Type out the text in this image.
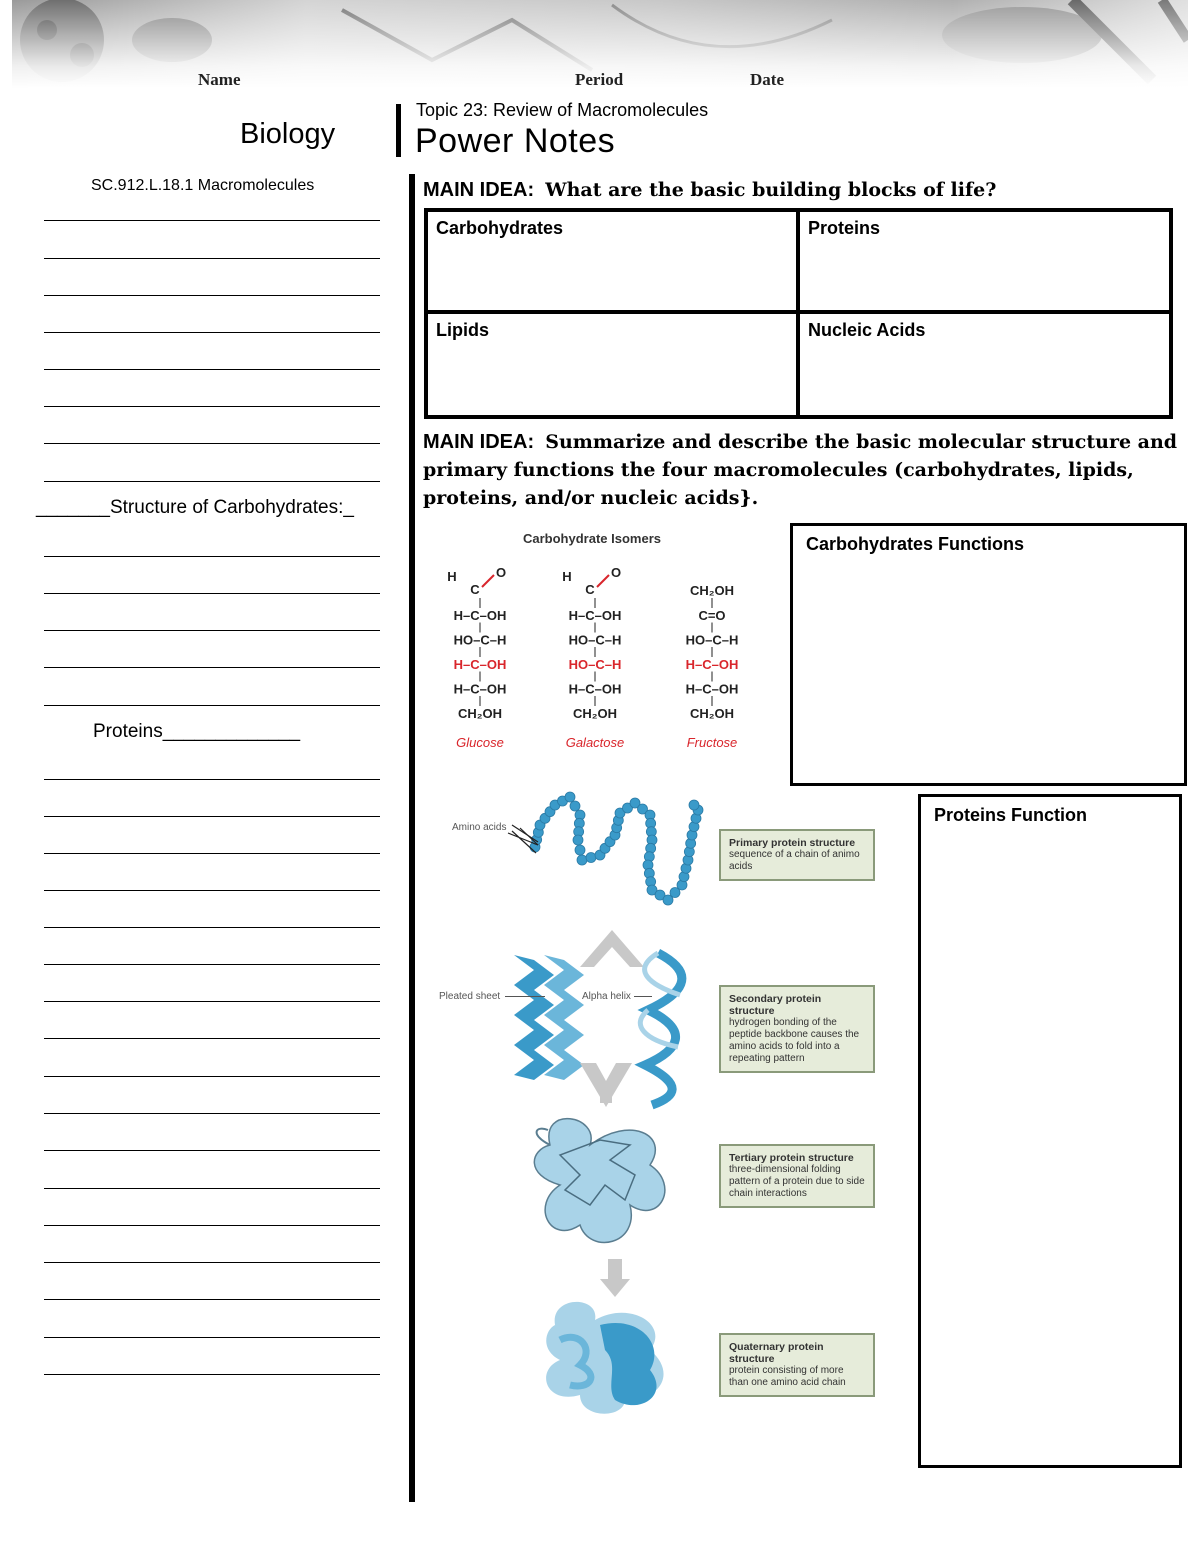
Name	Period	Date
Biology
Topic 23: Review of Macromolecules
Power Notes
SC.912.L.18.1 Macromolecules
_______Structure of Carbohydrates:_
Proteins_____________
MAIN IDEA: What are the basic building blocks of life?
Carbohydrates	Proteins
Lipids	Nucleic Acids
MAIN IDEA: Summarize and describe the basic molecular structure and primary functions the four macromolecules (carbohydrates, lipids, proteins, and/or nucleic acids}.
Carbohydrate Isomers
H
C
O
H–C–OH
HO–C–H
H–C–OH
H–C–OH
CH₂OH
Glucose
H
C
O
H–C–OH
HO–C–H
HO–C–H
H–C–OH
CH₂OH
Galactose
CH₂OH
C=O
HO–C–H
H–C–OH
H–C–OH
CH₂OH
Fructose
Carbohydrates Functions
Amino acids
Pleated sheet	Alpha helix
Primary protein structure
sequence of a chain of animo acids
Secondary protein structure
hydrogen bonding of the peptide backbone causes the amino acids to fold into a repeating pattern
Tertiary protein structure
three-dimensional folding pattern of a protein due to side chain interactions
Quaternary protein structure
protein consisting of more than one amino acid chain
Proteins Function
